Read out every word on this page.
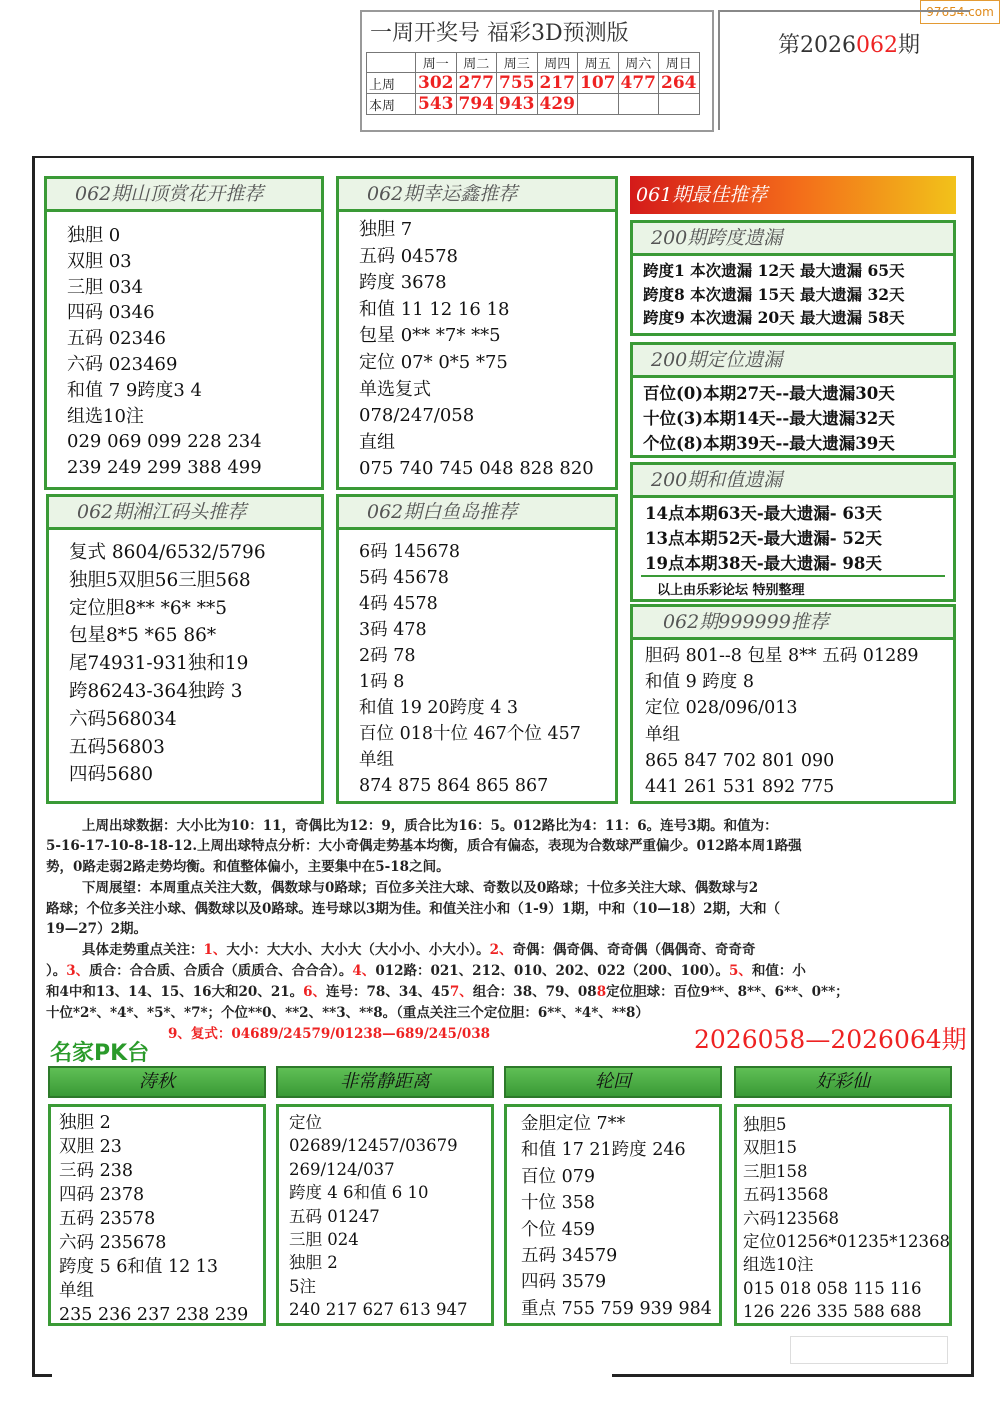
97654.com
一周开奖号 福彩3D预测版
	周一	周二	周三	周四	周五	周六	周日
上周	302	277	755	217	107	477	264
本周	543	794	943	429			
第2026062期
062期山顶赏花开推荐
独胆 0
双胆 03
三胆 034
四码 0346
五码 02346
六码 023469
和值 7 9跨度3 4
组选10注
029 069 099 228 234
239 249 299 388 499
062期幸运鑫推荐
独胆 7
五码 04578
跨度 3678
和值 11 12 16 18
包星 0** *7* **5
定位 07* 0*5 *75
单选复式
078/247/058
直组
075 740 745 048 828 820
061期最佳推荐
200期跨度遗漏
跨度1 本次遗漏 12天 最大遗漏 65天
跨度8 本次遗漏 15天 最大遗漏 32天
跨度9 本次遗漏 20天 最大遗漏 58天
200期定位遗漏
百位(0)本期27天--最大遗漏30天
十位(3)本期14天--最大遗漏32天
个位(8)本期39天--最大遗漏39天
200期和值遗漏
14点本期63天-最大遗漏- 63天
13点本期52天-最大遗漏- 52天
19点本期38天-最大遗漏- 98天
以上由乐彩论坛 特别整理
062期湘江码头推荐
复式 8604/6532/5796
独胆5双胆56三胆568
定位胆8** *6* **5
包星8*5 *65 86*
尾74931-931独和19
跨86243-364独跨 3
六码568034
五码56803
四码5680
062期白鱼岛推荐
6码 145678
5码 45678
4码 4578
3码 478
2码 78
1码 8
和值 19 20跨度 4 3
百位 018十位 467个位 457
单组
874 875 864 865 867
062期999999推荐
胆码 801--8 包星 8** 五码 01289
和值 9 跨度 8
定位 028/096/013
单组
865 847 702 801 090
441 261 531 892 775
上周出球数据：大小比为10：11，奇偶比为12：9，质合比为16：5。012路比为4：11：6。连号3期。和值为：
5-16-17-10-8-18-12.上周出球特点分析：大小奇偶走势基本均衡，质合有偏态，表现为合数球严重偏少。012路本周1路强
势，0路走弱2路走势均衡。和值整体偏小，主要集中在5-18之间。
下周展望：本周重点关注大数，偶数球与0路球；百位多关注大球、奇数以及0路球；十位多关注大球、偶数球与2
路球；个位多关注小球、偶数球以及0路球。连号球以3期为佳。和值关注小和（1-9）1期，中和（10—18）2期，大和（
19—27）2期。
具体走势重点关注：1、大小：大大小、大小大（大小小、小大小）。2、奇偶：偶奇偶、奇奇偶（偶偶奇、奇奇奇
）。3、质合：合合质、合质合（质质合、合合合）。4、012路：021、212、010、202、022（200、100）。5、和值：小
和4中和13、14、15、16大和20、21。6、连号：78、34、457、组合：38、79、088定位胆球：百位9**、8**、6**、0**；
十位*2*、*4*、*5*、*7*；个位**0、**2、**3、**8。（重点关注三个定位胆：6**、*4*、**8）
9、复式：04689/24579/01238—689/245/038
名家PK台	2026058—2026064期
涛秋	非常静距离	轮回	好彩仙
独胆 2
双胆 23
三码 238
四码 2378
五码 23578
六码 235678
跨度 5 6和值 12 13
单组
235 236 237 238 239
定位
02689/12457/03679
269/124/037
跨度 4 6和值 6 10
五码 01247
三胆 024
独胆 2
5注
240 217 627 613 947
金胆定位 7**
和值 17 21跨度 246
百位 079
十位 358
个位 459
五码 34579
四码 3579
重点 755 759 939 984
独胆5
双胆15
三胆158
五码13568
六码123568
定位01256*01235*12368
组选10注
015 018 058 115 116
126 226 335 588 688
